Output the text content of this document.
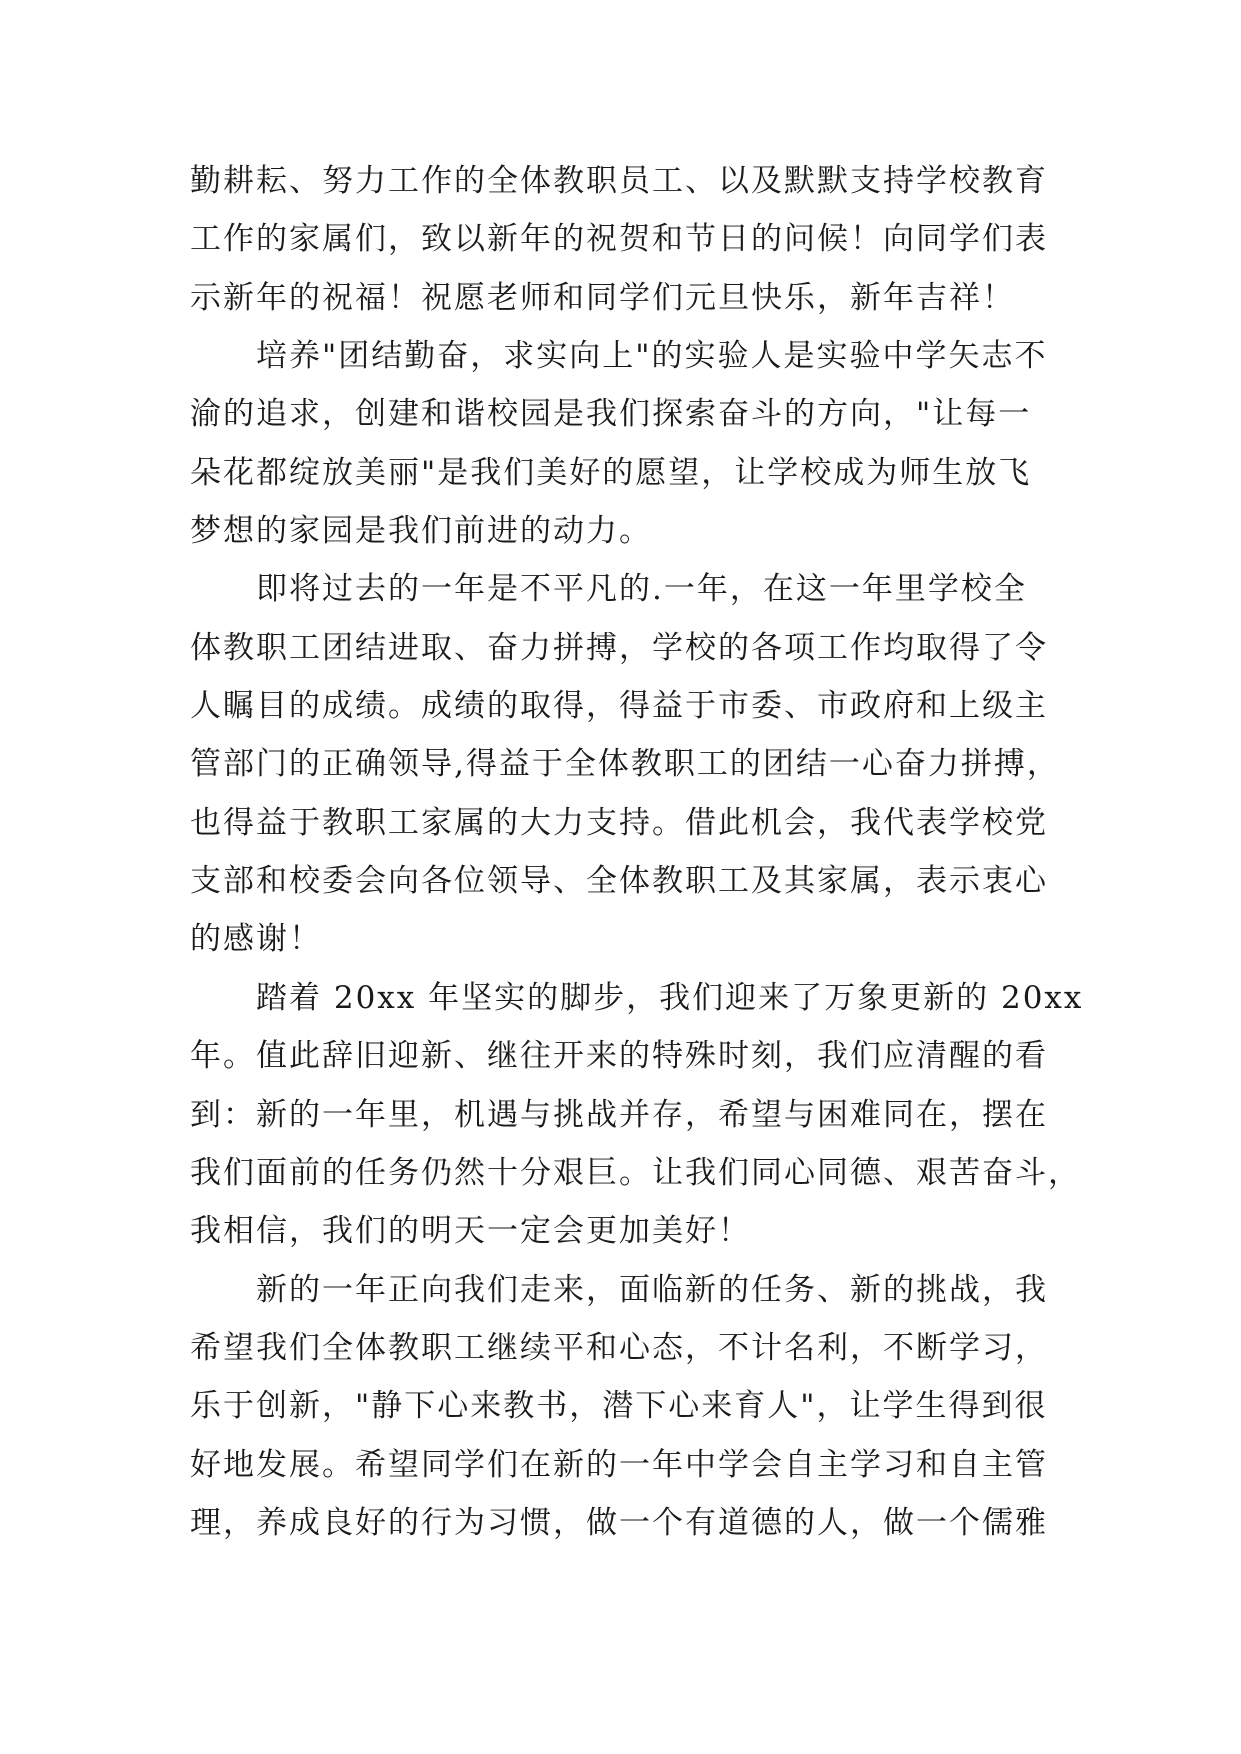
勤耕耘、努力工作的全体教职员工、以及默默支持学校教育
工作的家属们，致以新年的祝贺和节日的问候！向同学们表
示新年的祝福！祝愿老师和同学们元旦快乐，新年吉祥！
培养"团结勤奋，求实向上"的实验人是实验中学矢志不
渝的追求，创建和谐校园是我们探索奋斗的方向，"让每一
朵花都绽放美丽"是我们美好的愿望，让学校成为师生放飞
梦想的家园是我们前进的动力。
即将过去的一年是不平凡的.一年，在这一年里学校全
体教职工团结进取、奋力拼搏，学校的各项工作均取得了令
人瞩目的成绩。成绩的取得，得益于市委、市政府和上级主
管部门的正确领导,得益于全体教职工的团结一心奋力拼搏，
也得益于教职工家属的大力支持。借此机会，我代表学校党
支部和校委会向各位领导、全体教职工及其家属，表示衷心
的感谢！
踏着 20xx 年坚实的脚步，我们迎来了万象更新的 20xx
年。值此辞旧迎新、继往开来的特殊时刻，我们应清醒的看
到：新的一年里，机遇与挑战并存，希望与困难同在，摆在
我们面前的任务仍然十分艰巨。让我们同心同德、艰苦奋斗，
我相信，我们的明天一定会更加美好！
新的一年正向我们走来，面临新的任务、新的挑战，我
希望我们全体教职工继续平和心态，不计名利，不断学习，
乐于创新，"静下心来教书，潜下心来育人"，让学生得到很
好地发展。希望同学们在新的一年中学会自主学习和自主管
理，养成良好的行为习惯，做一个有道德的人，做一个儒雅
